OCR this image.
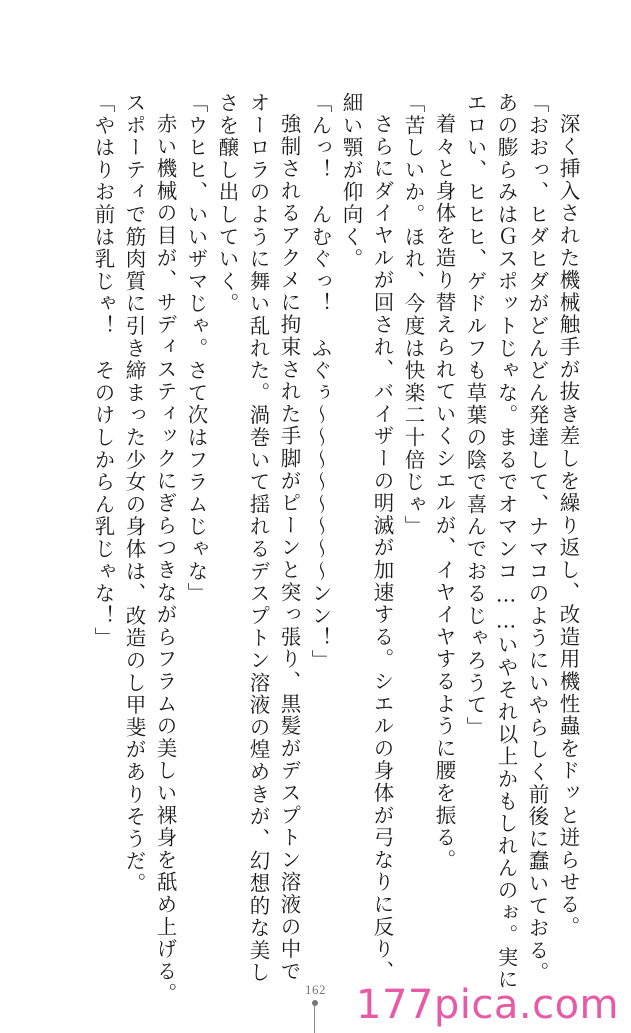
深く挿入された機械触手が抜き差しを繰り返し、改造用機性蟲をドッと迸らせる。

「おおっ、ヒダヒダがどんどん発達して、ナマコのようにいやらしく前後に蠢いておる。

あの膨らみはＧスポットじゃな。まるでオマンコ……いやそれ以上かもしれんのぉ。実に

エロい、ヒヒヒ、ゲドルフも草葉の陰で喜んでおるじゃろうて」

着々と身体を造り替えられていくシエルが、イヤイヤするように腰を振る。

「苦しいか。ほれ、今度は快楽二十倍じゃ」

さらにダイヤルが回され、バイザーの明滅が加速する。シエルの身体が弓なりに反り、

細い顎が仰向く。

「んっ！　んむぐっ！　ふぐぅ～～～～～～～～ンン！」

強制されるアクメに拘束された手脚がピーンと突っ張り、黒髪がデスプトン溶液の中で

オーロラのように舞い乱れた。渦巻いて揺れるデスプトン溶液の煌めきが、幻想的な美し

さを醸し出していく。

「ウヒヒ、いいザマじゃ。さて次はフラムじゃな」

赤い機械の目が、サディスティックにぎらつきながらフラムの美しい裸身を舐め上げる。

スポーティで筋肉質に引き締まった少女の身体は、改造のし甲斐がありそうだ。

「やはりお前は乳じゃ！　そのけしからん乳じゃな！」

162 177pica.com
